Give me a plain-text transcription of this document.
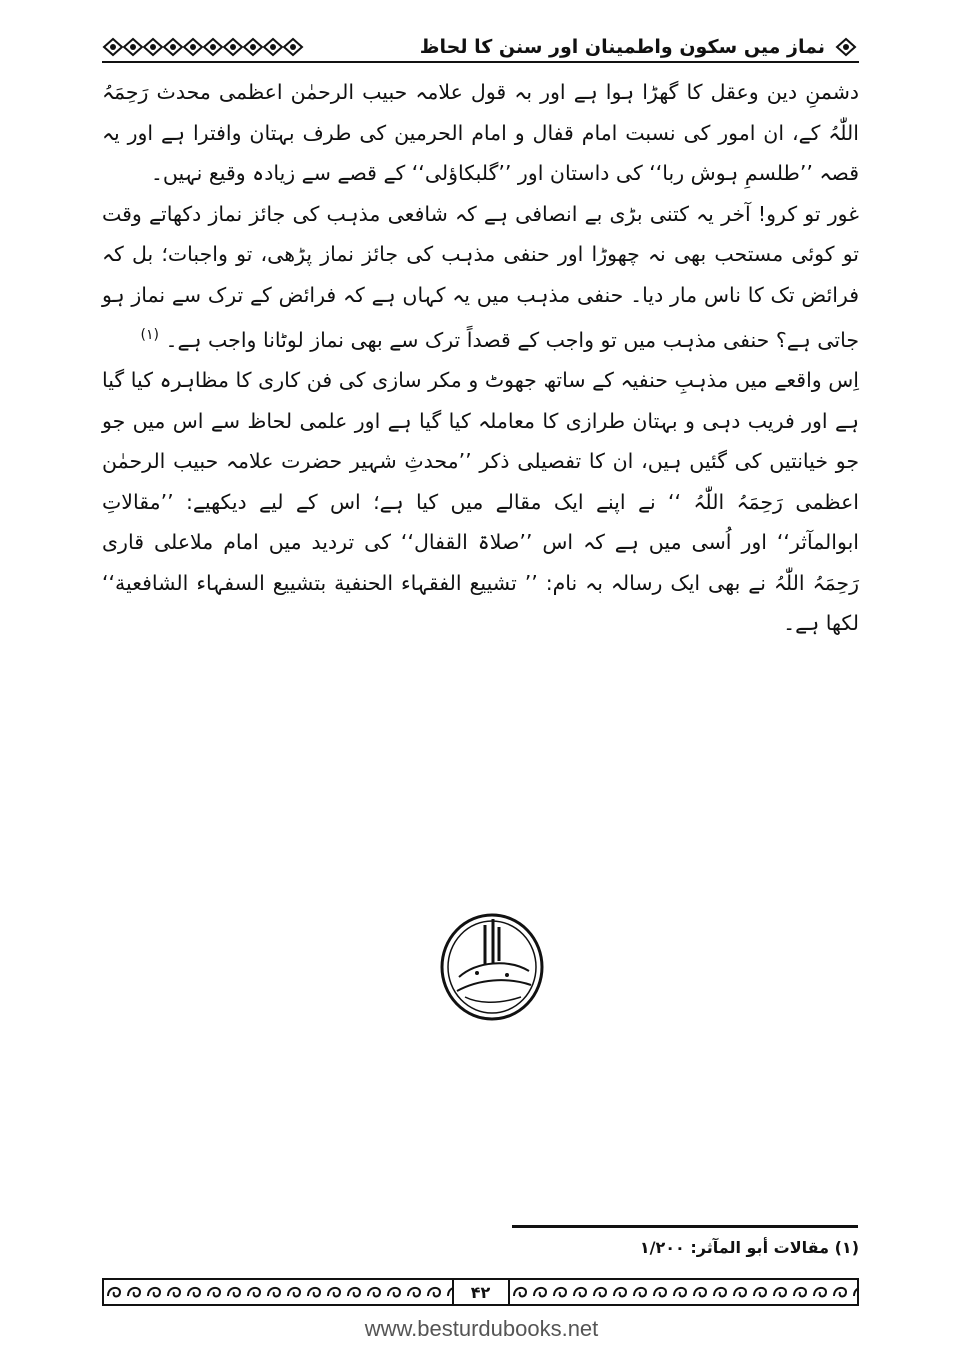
نماز میں سکون واطمینان اور سنن کا لحاظ

دشمنِ دین وعقل کا گھڑا ہوا ہے اور بہ قول علامہ حبیب الرحمٰن اعظمی محدث رَحِمَہُ اللّٰہُ کے، ان امور کی نسبت امام قفال و امام الحرمین کی طرف بہتان وافترا ہے اور یہ قصہ ’’طلسمِ ہوش ربا‘‘ کی داستان اور ’’گلبکاؤلی‘‘ کے قصے سے زیادہ وقیع نہیں۔

غور تو کرو! آخر یہ کتنی بڑی بے انصافی ہے کہ شافعی مذہب کی جائز نماز دکھاتے وقت تو کوئی مستحب بھی نہ چھوڑا اور حنفی مذہب کی جائز نماز پڑھی، تو واجبات؛ بل کہ فرائض تک کا ناس مار دیا۔ حنفی مذہب میں یہ کہاں ہے کہ فرائض کے ترک سے نماز ہو جاتی ہے؟ حنفی مذہب میں تو واجب کے قصداً ترک سے بھی نماز لوٹانا واجب ہے۔ $^{(۱)}$

اِس واقعے میں مذہبِ حنفیہ کے ساتھ جھوٹ و مکر سازی کی فن کاری کا مظاہرہ کیا گیا ہے اور فریب دہی و بہتان طرازی کا معاملہ کیا گیا ہے اور علمی لحاظ سے اس میں جو جو خیانتیں کی گئیں ہیں، ان کا تفصیلی ذکر ’’محدثِ شہیر حضرت علامہ حبیب الرحمٰن اعظمی رَحِمَہُ اللّٰہُ ‘‘ نے اپنے ایک مقالے میں کیا ہے؛ اس کے لیے دیکھیے: ’’مقالاتِ ابوالمآثر‘‘ اور اُسی میں ہے کہ اس ’’صلاۃ القفال‘‘ کی تردید میں امام ملاعلی قاری رَحِمَہُ اللّٰہُ نے بھی ایک رسالہ بہ نام: ’’ تشییع الفقہاء الحنفیة بتشییع السفہاء الشافعیة‘‘ لکھا ہے۔

(۱) مقالات أبو المآثر: ۱/۲۰۰
۴۲
www.besturdubooks.net
